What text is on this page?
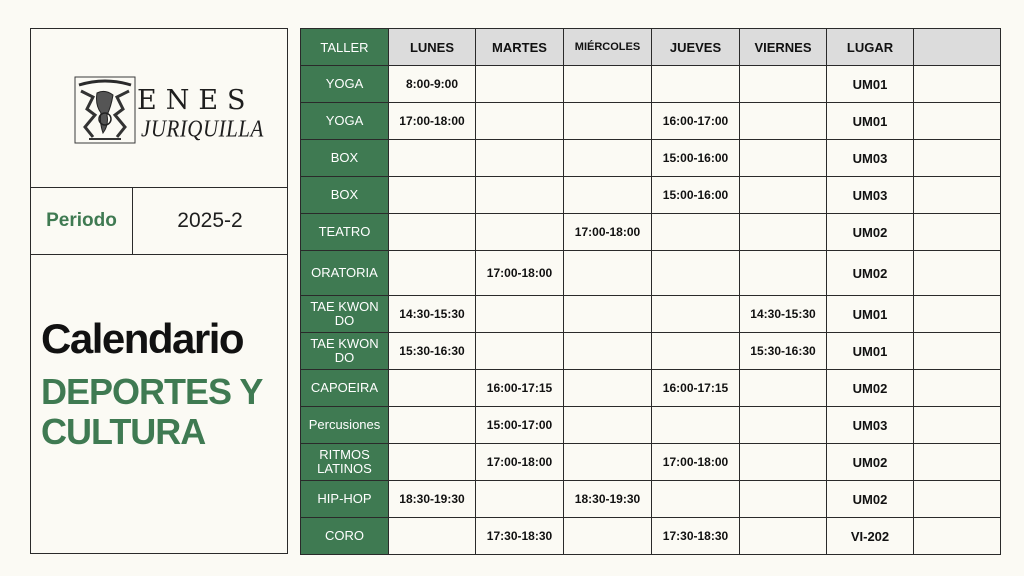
ENES
JURIQUILLA
Periodo	2025-2
Calendario
DEPORTES Y CULTURA
TALLER	LUNES	MARTES	MIÉRCOLES	JUEVES	VIERNES	LUGAR	
YOGA	8:00-9:00					UM01	
YOGA	17:00-18:00			16:00-17:00		UM01	
BOX				15:00-16:00		UM03	
BOX				15:00-16:00		UM03	
TEATRO			17:00-18:00			UM02	
ORATORIA		17:00-18:00				UM02	
TAE KWON DO	14:30-15:30				14:30-15:30	UM01	
TAE KWON DO	15:30-16:30				15:30-16:30	UM01	
CAPOEIRA		16:00-17:15		16:00-17:15		UM02	
Percusiones		15:00-17:00				UM03	
RITMOS LATINOS		17:00-18:00		17:00-18:00		UM02	
HIP-HOP	18:30-19:30		18:30-19:30			UM02	
CORO		17:30-18:30		17:30-18:30		VI-202	
